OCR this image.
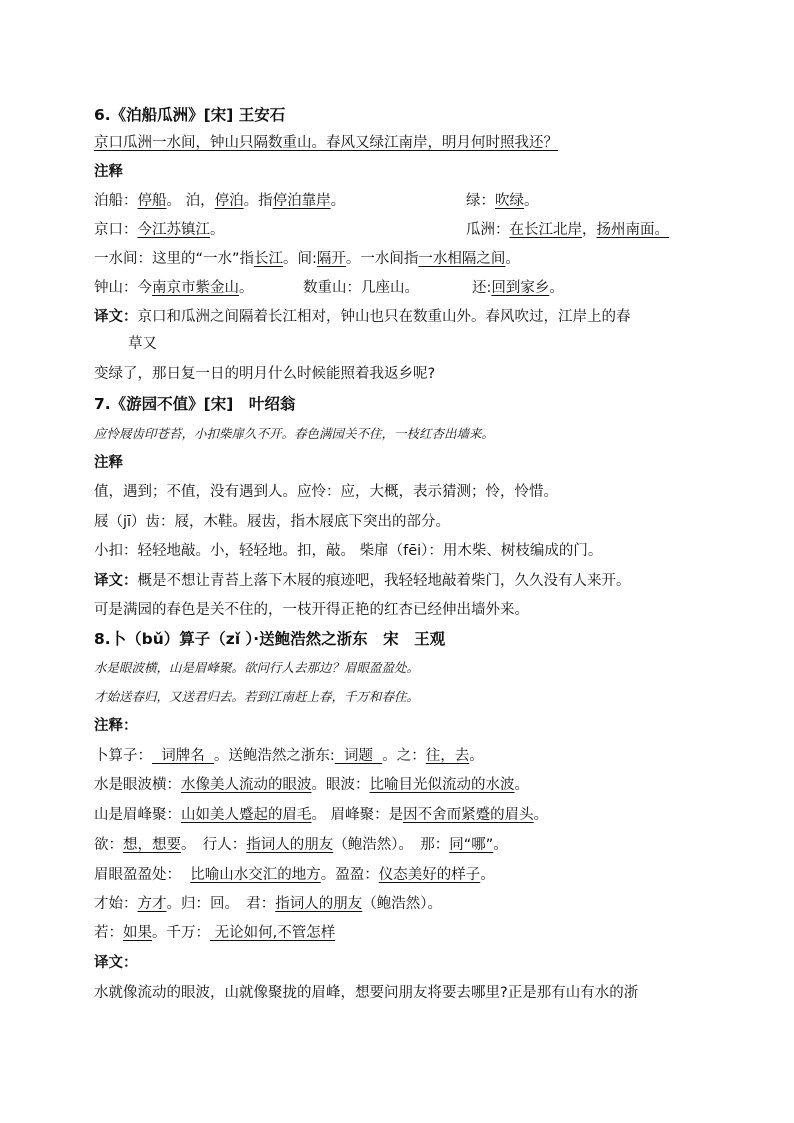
6.《泊船瓜洲》[宋] 王安石
京口瓜洲一水间，钟山只隔数重山。春风又绿江南岸，明月何时照我还？
注释
泊船：停船。 泊，停泊。指停泊靠岸。	绿：吹绿。
京口：今江苏镇江。	瓜洲：在长江北岸，扬州南面。
一水间：这里的“一水”指长江。间:隔开。一水间指一水相隔之间。
钟山：今南京市紫金山。	数重山：几座山。	还:回到家乡。
译文：京口和瓜洲之间隔着长江相对，钟山也只在数重山外。春风吹过，江岸上的春
草又
变绿了，那日复一日的明月什么时候能照着我返乡呢?
7.《游园不值》[宋]　叶绍翁
应怜屐齿印苍苔，小扣柴扉久不开。春色满园关不住，一枝红杏出墙来。
注释
值，遇到；不值，没有遇到人。应怜：应，大概，表示猜测；怜，怜惜。
屐（jī）齿：屐，木鞋。屐齿，指木屐底下突出的部分。
小扣：轻轻地敲。小，轻轻地。扣，敲。 柴扉（fēi）：用木柴、树枝编成的门。
译文：概是不想让青苔上落下木屐的痕迹吧，我轻轻地敲着柴门，久久没有人来开。
可是满园的春色是关不住的，一枝开得正艳的红杏已经伸出墙外来。
8.卜（bǔ）算子（zǐ ）·送鲍浩然之浙东　宋　王观
水是眼波横，山是眉峰聚。欲问行人去那边？眉眼盈盈处。
才始送春归，又送君归去。若到江南赶上春，千万和春住。
注释：
卜算子：  词牌名  。送鲍浩然之浙东:  词题  。之：往，去。
水是眼波横：水像美人流动的眼波。眼波：比喻目光似流动的水波。
山是眉峰聚：山如美人蹙起的眉毛。 眉峰聚：是因不舍而紧蹙的眉头。
欲：想，想要。　行人：指词人的朋友（鲍浩然）。　那：同“哪”。
眉眼盈盈处：  比喻山水交汇的地方。盈盈：仪态美好的样子。
才始：方才。归：回。　君：指词人的朋友（鲍浩然）。
若：如果。千万： 无论如何,不管怎样
译文：
水就像流动的眼波，山就像聚拢的眉峰，想要问朋友将要去哪里?正是那有山有水的浙
